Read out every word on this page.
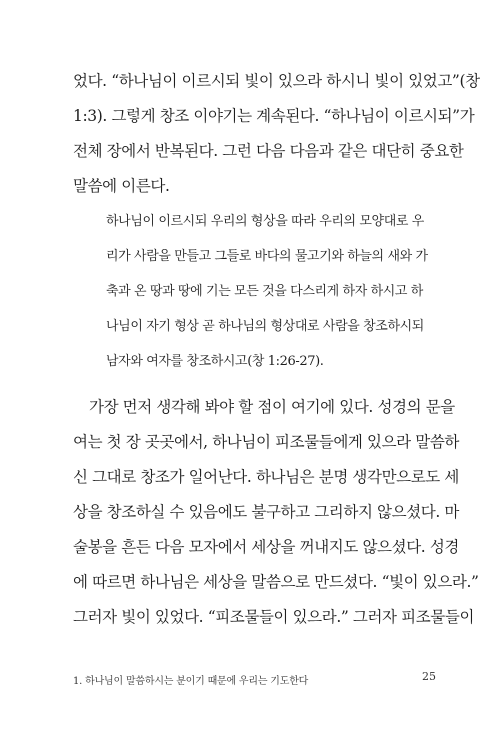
었다. “하나님이 이르시되 빛이 있으라 하시니 빛이 있었고”(창
1:3). 그렇게 창조 이야기는 계속된다. “하나님이 이르시되”가
전체 장에서 반복된다. 그런 다음 다음과 같은 대단히 중요한
말씀에 이른다.
하나님이 이르시되 우리의 형상을 따라 우리의 모양대로 우
리가 사람을 만들고 그들로 바다의 물고기와 하늘의 새와 가
축과 온 땅과 땅에 기는 모든 것을 다스리게 하자 하시고 하
나님이 자기 형상 곧 하나님의 형상대로 사람을 창조하시되
남자와 여자를 창조하시고(창 1:26-27).
가장 먼저 생각해 봐야 할 점이 여기에 있다. 성경의 문을
여는 첫 장 곳곳에서, 하나님이 피조물들에게 있으라 말씀하
신 그대로 창조가 일어난다. 하나님은 분명 생각만으로도 세
상을 창조하실 수 있음에도 불구하고 그리하지 않으셨다. 마
술봉을 흔든 다음 모자에서 세상을 꺼내지도 않으셨다. 성경
에 따르면 하나님은 세상을 말씀으로 만드셨다. “빛이 있으라.”
그러자 빛이 있었다. “피조물들이 있으라.” 그러자 피조물들이
1. 하나님이 말씀하시는 분이기 때문에 우리는 기도한다	25
